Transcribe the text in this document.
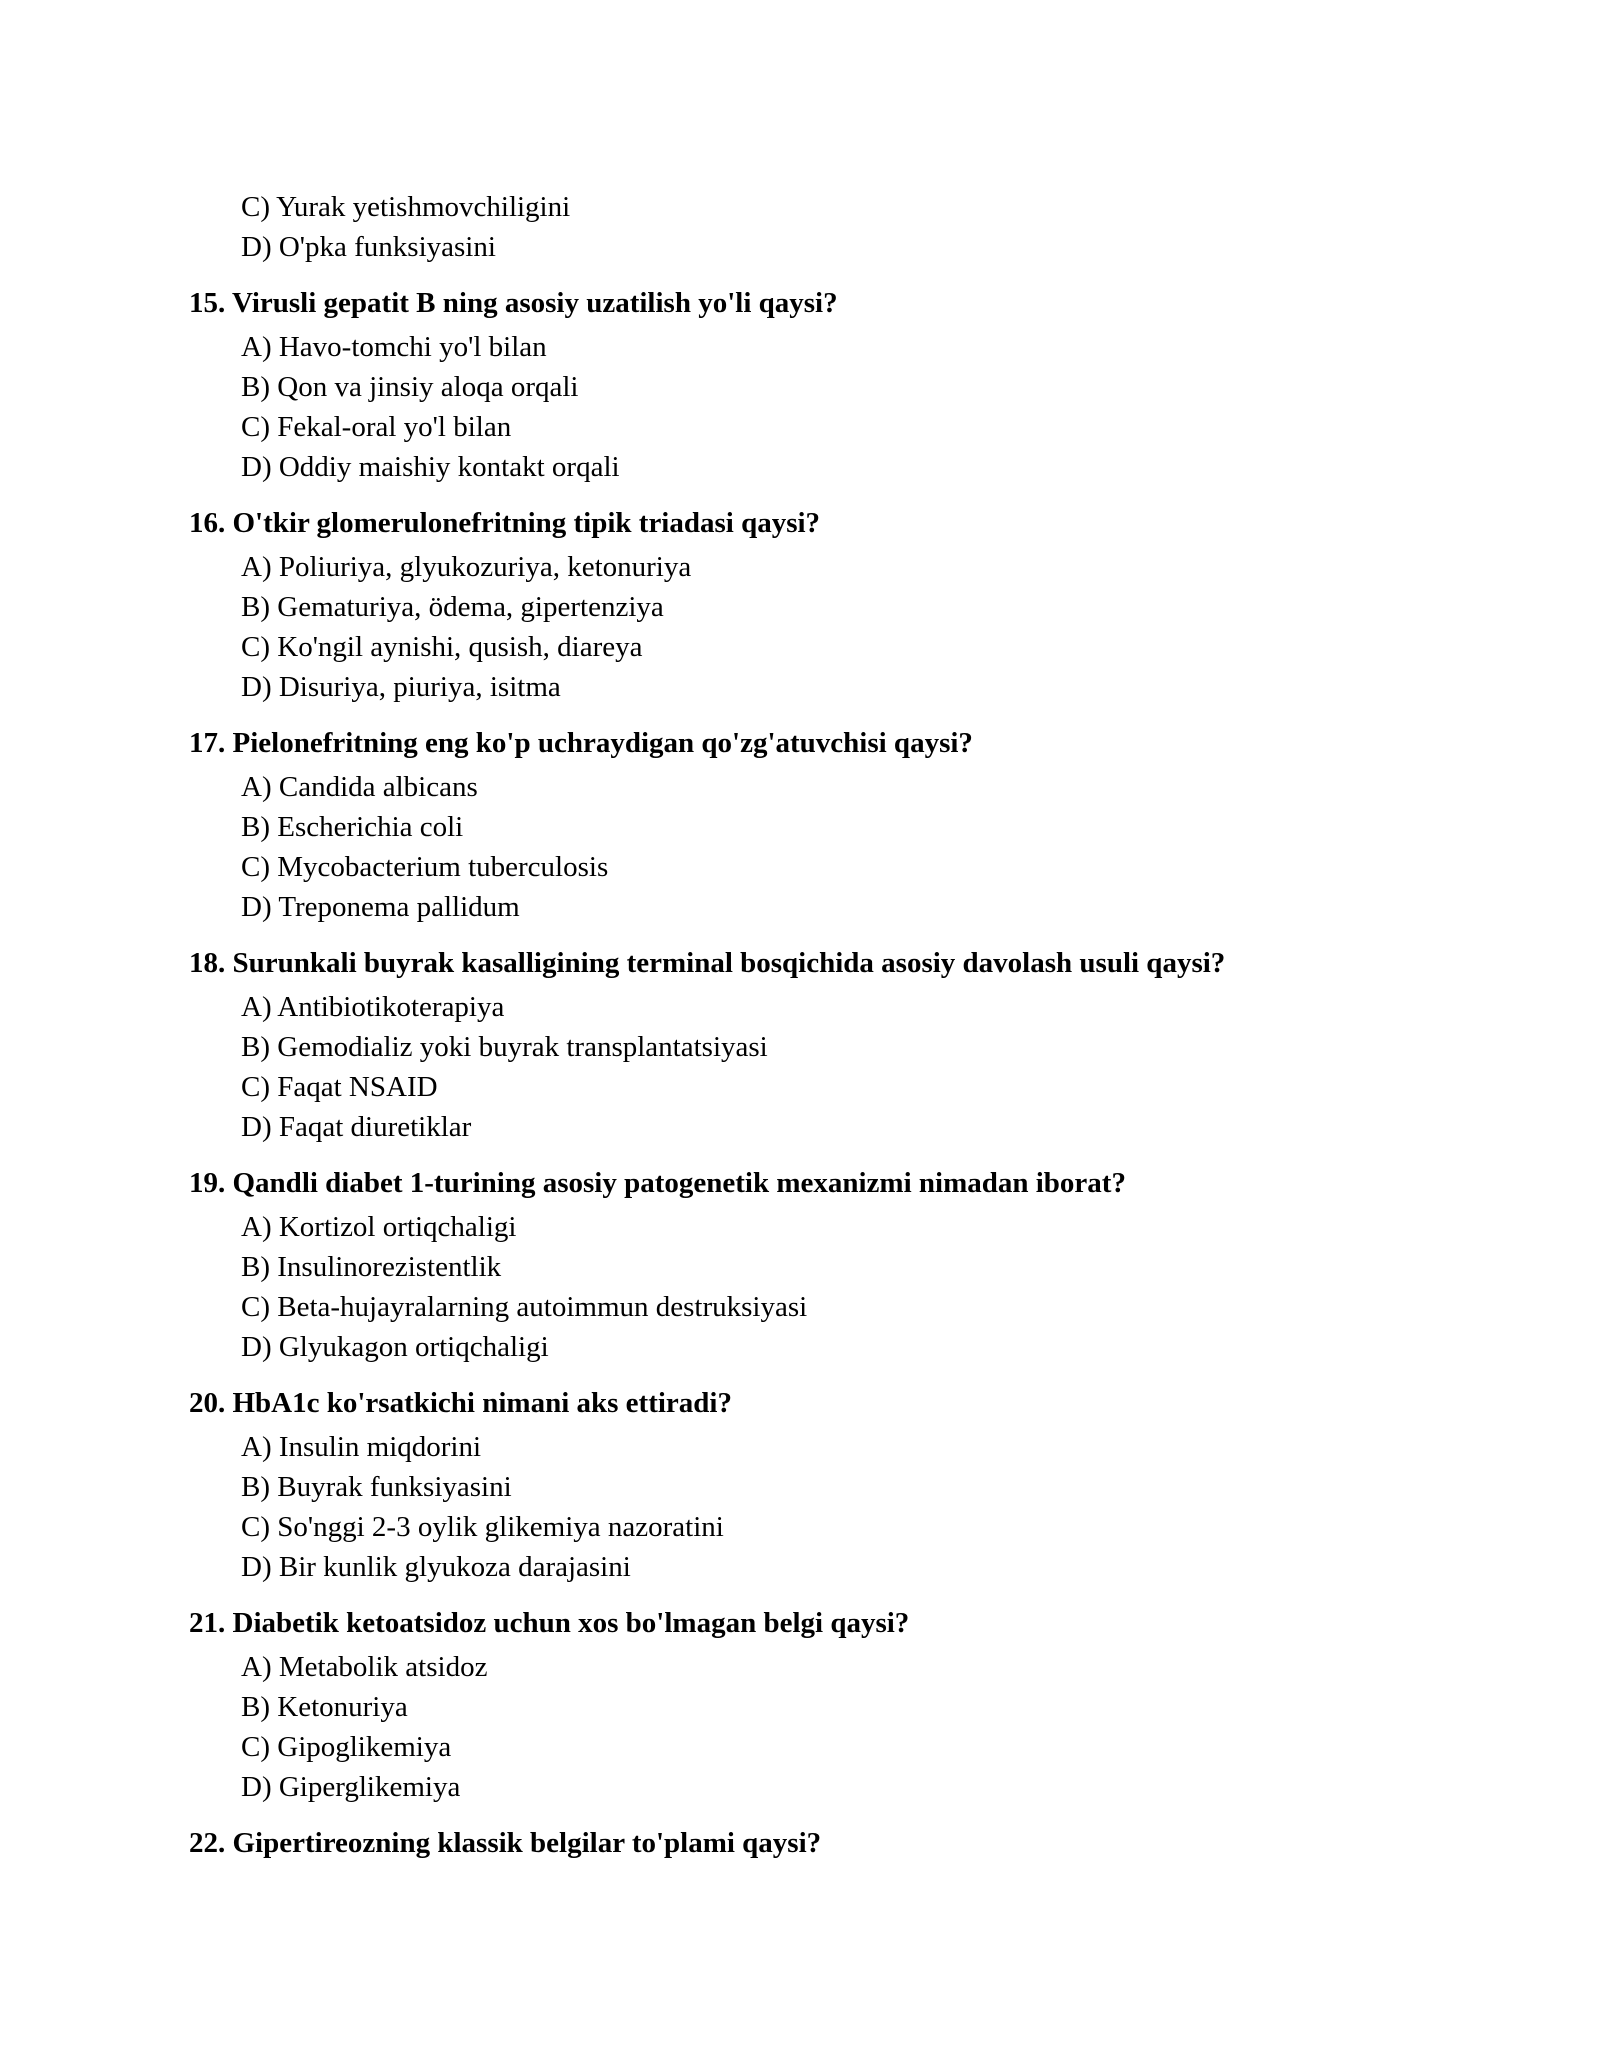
C) Yurak yetishmovchiligini
D) O'pka funksiyasini
15. Virusli gepatit B ning asosiy uzatilish yo'li qaysi?
A) Havo-tomchi yo'l bilan
B) Qon va jinsiy aloqa orqali
C) Fekal-oral yo'l bilan
D) Oddiy maishiy kontakt orqali
16. O'tkir glomerulonefritning tipik triadasi qaysi?
A) Poliuriya, glyukozuriya, ketonuriya
B) Gematuriya, ödema, gipertenziya
C) Ko'ngil aynishi, qusish, diareya
D) Disuriya, piuriya, isitma
17. Pielonefritning eng ko'p uchraydigan qo'zg'atuvchisi qaysi?
A) Candida albicans
B) Escherichia coli
C) Mycobacterium tuberculosis
D) Treponema pallidum
18. Surunkali buyrak kasalligining terminal bosqichida asosiy davolash usuli qaysi?
A) Antibiotikoterapiya
B) Gemodializ yoki buyrak transplantatsiyasi
C) Faqat NSAID
D) Faqat diuretiklar
19. Qandli diabet 1-turining asosiy patogenetik mexanizmi nimadan iborat?
A) Kortizol ortiqchaligi
B) Insulinorezistentlik
C) Beta-hujayralarning autoimmun destruksiyasi
D) Glyukagon ortiqchaligi
20. HbA1c ko'rsatkichi nimani aks ettiradi?
A) Insulin miqdorini
B) Buyrak funksiyasini
C) So'nggi 2-3 oylik glikemiya nazoratini
D) Bir kunlik glyukoza darajasini
21. Diabetik ketoatsidoz uchun xos bo'lmagan belgi qaysi?
A) Metabolik atsidoz
B) Ketonuriya
C) Gipoglikemiya
D) Giperglikemiya
22. Gipertireozning klassik belgilar to'plami qaysi?
